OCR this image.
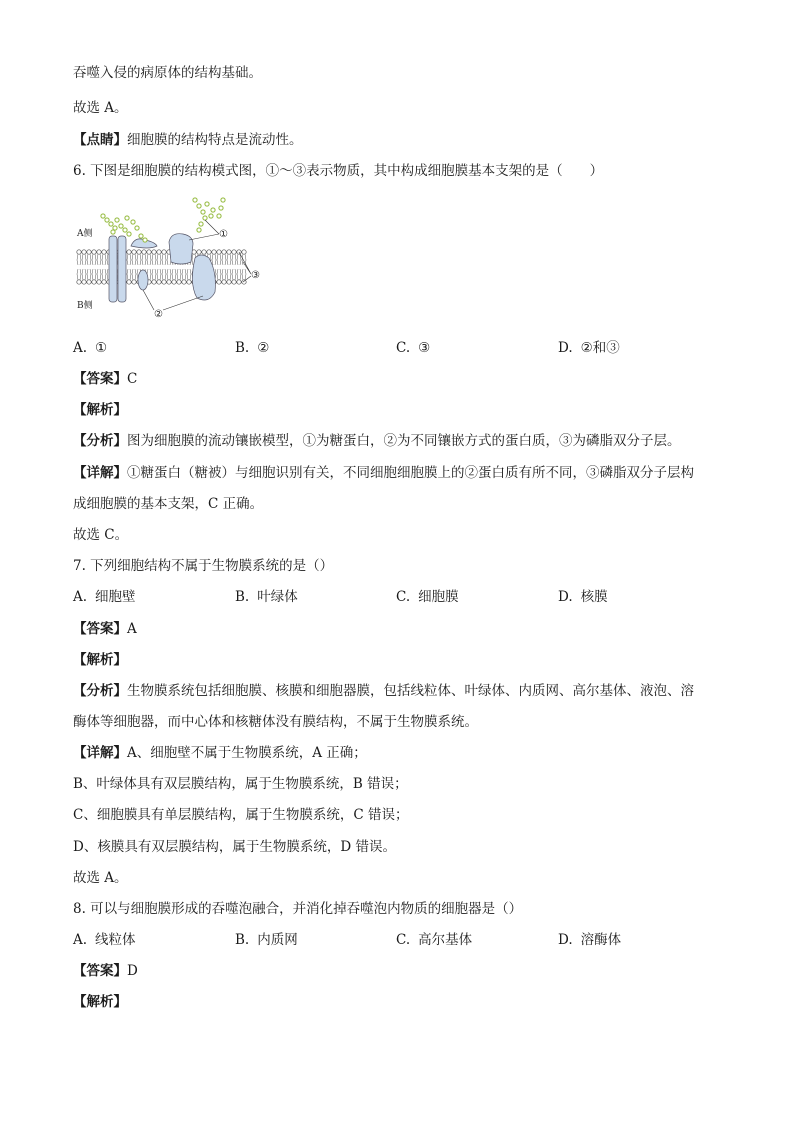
吞噬入侵的病原体的结构基础。
故选 A。
【点睛】细胞膜的结构特点是流动性。
6. 下图是细胞膜的结构模式图，①～③表示物质，其中构成细胞膜基本支架的是（　　）
A侧
B侧
①
②
③
A. ①	B. ②	C. ③	D. ②和③
【答案】C
【解析】
【分析】图为细胞膜的流动镶嵌模型，①为糖蛋白，②为不同镶嵌方式的蛋白质，③为磷脂双分子层。
【详解】①糖蛋白（糖被）与细胞识别有关，不同细胞细胞膜上的②蛋白质有所不同，③磷脂双分子层构
成细胞膜的基本支架，C 正确。
故选 C。
7. 下列细胞结构不属于生物膜系统的是（）
A. 细胞壁	B. 叶绿体	C. 细胞膜	D. 核膜
【答案】A
【解析】
【分析】生物膜系统包括细胞膜、核膜和细胞器膜，包括线粒体、叶绿体、内质网、高尔基体、液泡、溶
酶体等细胞器，而中心体和核糖体没有膜结构，不属于生物膜系统。
【详解】A、细胞壁不属于生物膜系统，A 正确；
B、叶绿体具有双层膜结构，属于生物膜系统，B 错误；
C、细胞膜具有单层膜结构，属于生物膜系统，C 错误；
D、核膜具有双层膜结构，属于生物膜系统，D 错误。
故选 A。
8. 可以与细胞膜形成的吞噬泡融合，并消化掉吞噬泡内物质的细胞器是（）
A. 线粒体	B. 内质网	C. 高尔基体	D. 溶酶体
【答案】D
【解析】
